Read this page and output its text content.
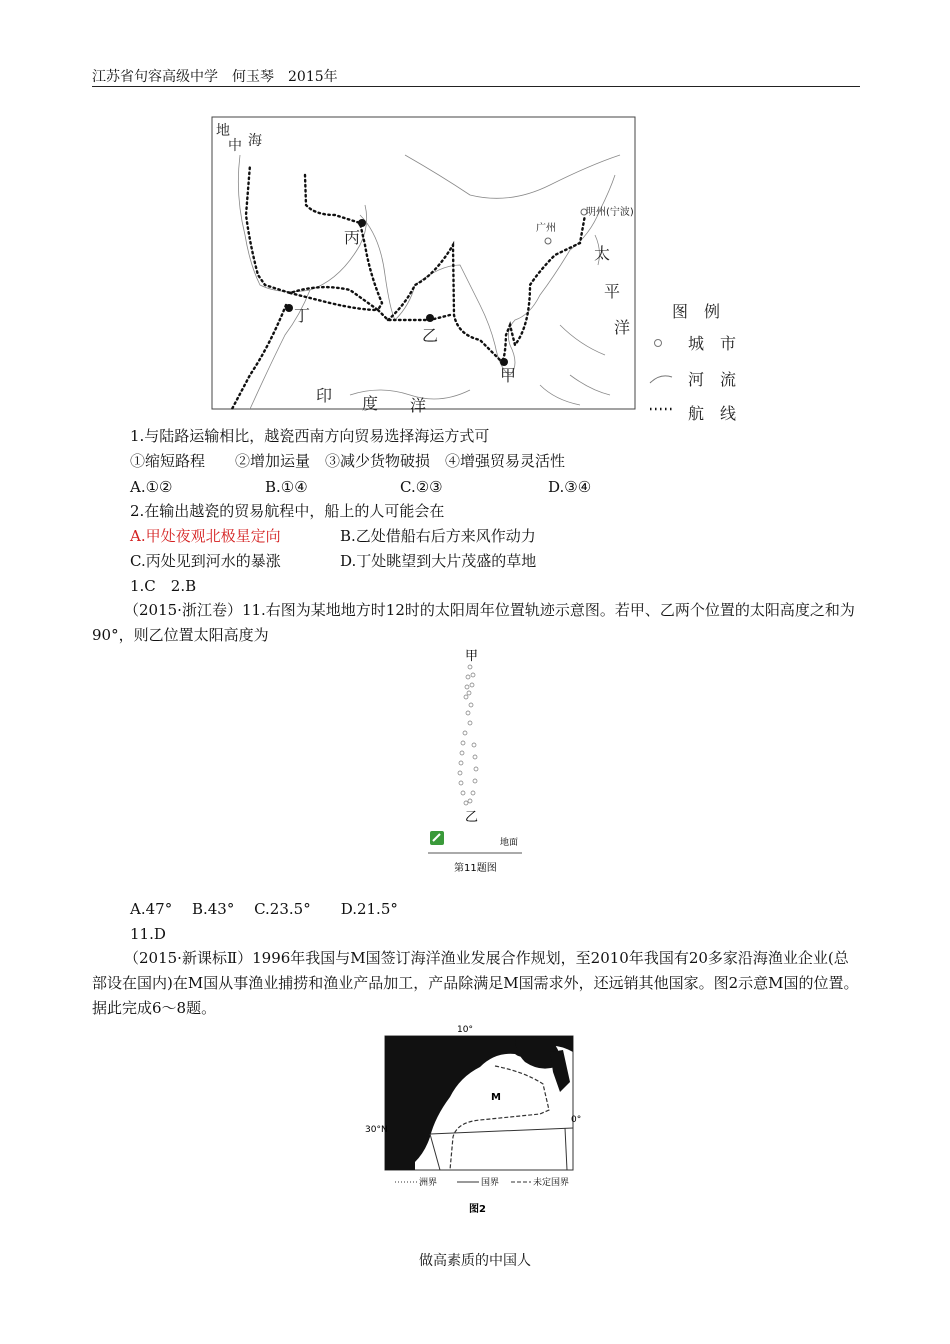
江苏省句容高级中学　何玉琴　2015年
地
中 海
丙
丁
乙
甲
广州
明州(宁波)
太
平
洋
印 度 洋
图　例
城　市
河　流
航　线
1.与陆路运输相比，越瓷西南方向贸易选择海运方式可
①缩短路程　　②增加运量　③减少货物破损　④增强贸易灵活性
A.①②	B.①④	C.②③	D.③④
2.在输出越瓷的贸易航程中，船上的人可能会在
A.甲处夜观北极星定向	B.乙处借船右后方来风作动力
C.丙处见到河水的暴涨	D.丁处眺望到大片茂盛的草地
1.C　2.B
（2015·浙江卷）11.右图为某地地方时12时的太阳周年位置轨迹示意图。若甲、乙两个位置的太阳高度之和为90°，则乙位置太阳高度为
甲
乙
地面
第11题图
A.47°　 B.43°　 C.23.5°　　D.21.5°
11.D
（2015·新课标Ⅱ）1996年我国与M国签订海洋渔业发展合作规划，至2010年我国有20多家沿海渔业企业(总部设在国内)在M国从事渔业捕捞和渔业产品加工，产品除满足M国需求外，还远销其他国家。图2示意M国的位置。据此完成6～8题。
10°
M
0°
30°N
洲界	国界	未定国界
图2
做高素质的中国人
